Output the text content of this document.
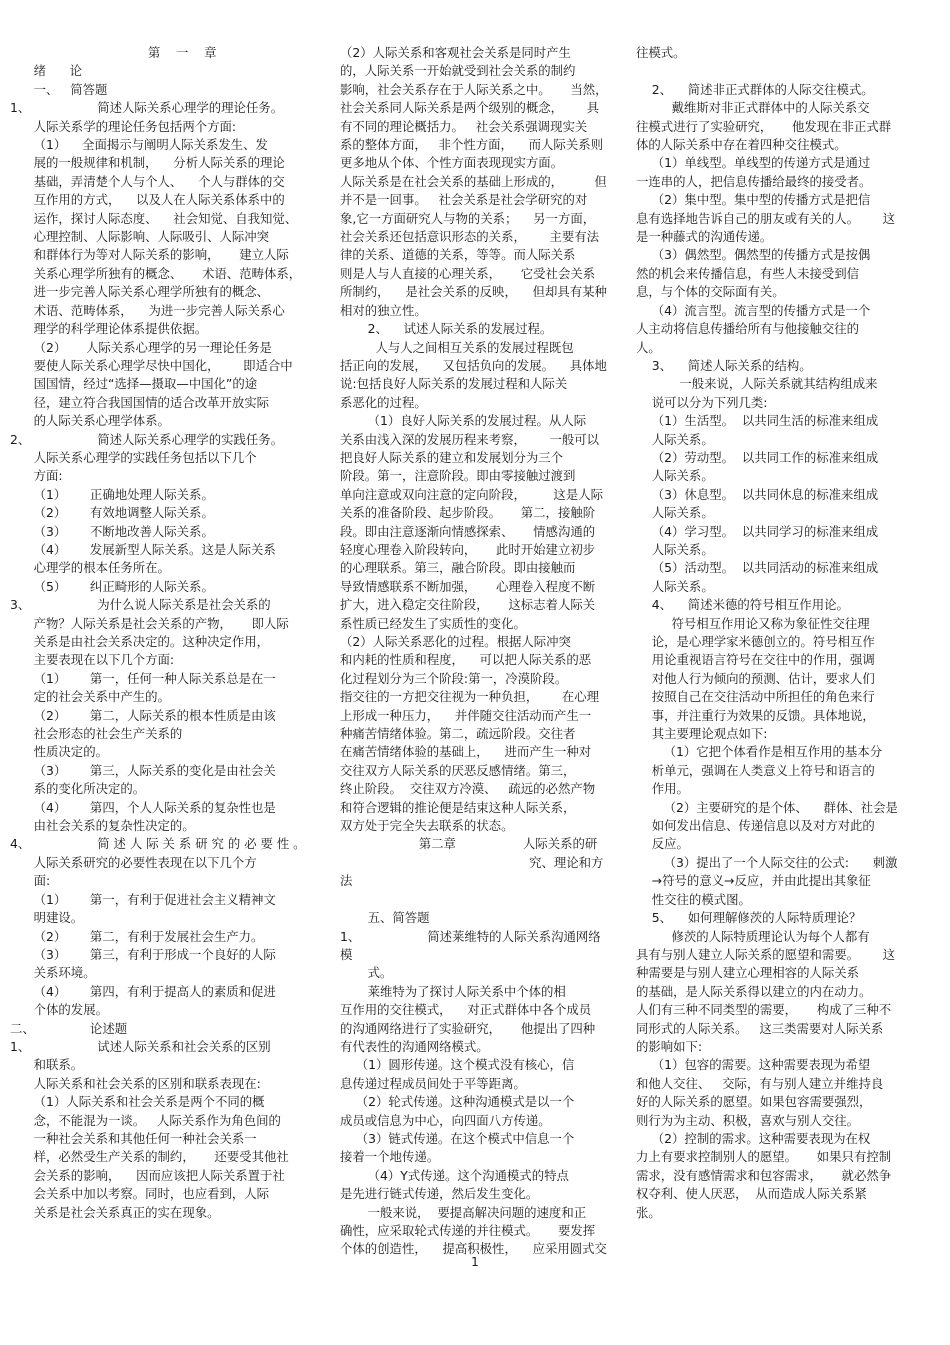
第    一    章
绪      论
一、   简答题
1、                 简述人际关系心理学的理论任务。
人际关系学的理论任务包括两个方面:
（1）    全面揭示与阐明人际关系发生、发
展的一般规律和机制，    分析人际关系的理论
基础，弄清楚个人与个人、    个人与群体的交
互作用的方式，    以及人在人际关系体系中的
运作，探讨人际态度、    社会知觉、自我知觉、
心理控制、人际影响、人际吸引、人际冲突
和群体行为等对人际关系的影响，     建立人际
关系心理学所独有的概念、     术语、范畴体系，
进一步完善人际关系心理学所独有的概念、
术语、范畴体系，    为进一步完善人际关系心
理学的科学理论体系提供依据。
（2）     人际关系心理学的另一理论任务是
要使人际关系心理学尽快中国化，      即适合中
国国情，经过“选择—摄取—中国化”的途
径，建立符合我国国情的适合改革开放实际
的人际关系心理学体系。
2、                 简述人际关系心理学的实践任务。
人际关系心理学的实践任务包括以下几个
方面:
（1）      正确地处理人际关系。
（2）      有效地调整人际关系。
（3）      不断地改善人际关系。
（4）      发展新型人际关系。这是人际关系
心理学的根本任务所在。
（5）      纠正畸形的人际关系。
3、                 为什么说人际关系是社会关系的
产物？人际关系是社会关系的产物，     即人际
关系是由社会关系决定的。这种决定作用，
主要表现在以下几个方面:
（1）      第一，任何一种人际关系总是在一
定的社会关系中产生的。
（2）      第二，人际关系的根本性质是由该
社会形态的社会生产关系的
性质决定的。
（3）      第三，人际关系的变化是由社会关
系的变化所决定的。
（4）      第四，个人人际关系的复杂性也是
由社会关系的复杂性决定的。
4、                 简 述 人 际 关 系 研 究 的 必 要 性 。
人际关系研究的必要性表现在以下几个方
面:
（1）      第一，有利于促进社会主义精神文
明建设。
（2）      第二，有利于发展社会生产力。
（3）      第三，有利于形成一个良好的人际
关系环境。
（4）      第四，有利于提高人的素质和促进
个体的发展。
二、              论述题
1、                 试述人际关系和社会关系的区别
和联系。
人际关系和社会关系的区别和联系表现在:
（1）人际关系和社会关系是两个不同的概
念，不能混为一谈。   人际关系作为角色间的
一种社会关系和其他任何一种社会关系一
样，必然受生产关系的制约，     还要受其他社
会关系的影响，    因而应该把人际关系置于社
会关系中加以考察。同时，也应看到，人际
关系是社会关系真正的实在现象。
（2）人际关系和客观社会关系是同时产生
的，人际关系一开始就受到社会关系的制约
影响，社会关系存在于人际关系之中。     当然，
社会关系同人际关系是两个级别的概念，      具
有不同的理论概括力。   社会关系强调现实关
系的整体方面，   非个性方面，    而人际关系则
更多地从个体、个性方面表现现实方面。
人际关系是在社会关系的基础上形成的，        但
并不是一回事。   社会关系是社会学研究的对
象,它一方面研究人与物的关系；    另一方面，
社会关系还包括意识形态的关系，      主要有法
律的关系、道德的关系，等等。而人际关系
则是人与人直接的心理关系，     它受社会关系
所制约，    是社会关系的反映，    但却具有某种
相对的独立性。
2、    试述人际关系的发展过程。
人与人之间相互关系的发展过程既包
括正向的发展，    又包括负向的发展。    具体地
说:包括良好人际关系的发展过程和人际关
系恶化的过程。
（1）良好人际关系的发展过程。从人际
关系由浅入深的发展历程来考察，      一般可以
把良好人际关系的建立和发展划分为三个
阶段。第一，注意阶段。即由零接触过渡到
单向注意或双向注意的定向阶段，       这是人际
关系的准备阶段、起步阶段。     第二，接触阶
段。即由注意逐渐向情感探索、     情感沟通的
轻度心理卷入阶段转向，     此时开始建立初步
的心理联系。第三，融合阶段。即由接触而
导致情感联系不断加强，     心理卷入程度不断
扩大，进入稳定交往阶段，     这标志着人际关
系性质已经发生了实质性的变化。
（2）人际关系恶化的过程。根据人际冲突
和内耗的性质和程度，    可以把人际关系的恶
化过程划分为三个阶段:第一，冷漠阶段。
指交往的一方把交往视为一种负担，      在心理
上形成一种压力，    并伴随交往活动而产生一
种痛苦情绪体验。第二，疏远阶段。交往者
在痛苦情绪体验的基础上，    进而产生一种对
交往双方人际关系的厌恶反感情绪。第三，
终止阶段。  交往双方冷漠、   疏远的必然产物
和符合逻辑的推论便是结束这种人际关系，
双方处于完全失去联系的状态。
第二章                 人际关系的研
究、理论和方法

五、简答题
1、                 简述莱维特的人际关系沟通网络模
式。
莱维特为了探讨人际关系中个体的相
互作用的交往模式，    对正式群体中各个成员
的沟通网络进行了实验研究，     他提出了四种
有代表性的沟通网络模式。
（1）圆形传递。这个模式没有核心，信
息传递过程成员间处于平等距离。
（2）轮式传递。这种沟通模式是以一个
成员或信息为中心，向四面八方传递。
（3）链式传递。在这个模式中信息一个
接着一个地传递。
（4）Y式传递。这个沟通模式的特点
是先进行链式传递，然后发生变化。
一般来说，  要提高解决问题的速度和正
确性，应采取轮式传递的并往模式。     要发挥
个体的创造性，    提高积极性，    应采用圆式交
往模式。

2、    简述非正式群体的人际交往模式。
戴维斯对非正式群体中的人际关系交
往模式进行了实验研究，     他发现在非正式群
体的人际关系中存在着四种交往模式。
（1）单线型。单线型的传递方式是通过
一连串的人，把信息传播给最终的接受者。
（2）集中型。集中型的传播方式是把信
息有选择地告诉自己的朋友或有关的人。      这
是一种藤式的沟通传递。
（3）偶然型。偶然型的传播方式是按偶
然的机会来传播信息，有些人未接受到信
息，与个体的交际面有关。
（4）流言型。流言型的传播方式是一个
人主动将信息传播给所有与他接触交往的
人。
3、    简述人际关系的结构。
一般来说，人际关系就其结构组成来
说可以分为下列几类:
（1）生活型。  以共同生活的标准来组成
人际关系。
（2）劳动型。  以共同工作的标准来组成
人际关系。
（3）休息型。  以共同休息的标准来组成
人际关系。
（4）学习型。  以共同学习的标准来组成
人际关系。
（5）活动型。  以共同活动的标准来组成
人际关系。
4、    简述米德的符号相互作用论。
符号相互作用论又称为象征性交往理
论，是心理学家米德创立的。符号相互作
用论重视语言符号在交往中的作用，强调
对他人行为倾向的预测、估计，要求人们
按照自己在交往活动中所担任的角色来行
事，并注重行为效果的反馈。具体地说，
其主要理论观点如下:
（1）它把个体看作是相互作用的基本分
析单元，强调在人类意义上符号和语言的
作用。
（2）主要研究的是个体、    群体、社会是
如何发出信息、传递信息以及对方对此的
反应。
（3）提出了一个人际交往的公式:      刺激
→符号的意义→反应，并由此提出其象征
性交往的模式图。
5、    如何理解修茨的人际特质理论？
修茨的人际特质理论认为每个人都有
具有与别人建立人际关系的愿望和需要。      这
种需要是与别人建立心理相容的人际关系
的基础，是人际关系得以建立的内在动力。
人们有三种不同类型的需要，     构成了三种不
同形式的人际关系。   这三类需要对人际关系
的影响如下:
（1）包容的需要。这种需要表现为希望
和他人交往、   交际，有与别人建立并维持良
好的人际关系的愿望。如果包容需要强烈，
则行为为主动、积极，喜欢与别人交往。
（2）控制的需求。这种需要表现为在权
力上有要求控制别人的愿望。     如果只有控制
需求，没有感情需求和包容需求，     就必然争
权夺利、使人厌恶，  从而造成人际关系紧
张。
1
